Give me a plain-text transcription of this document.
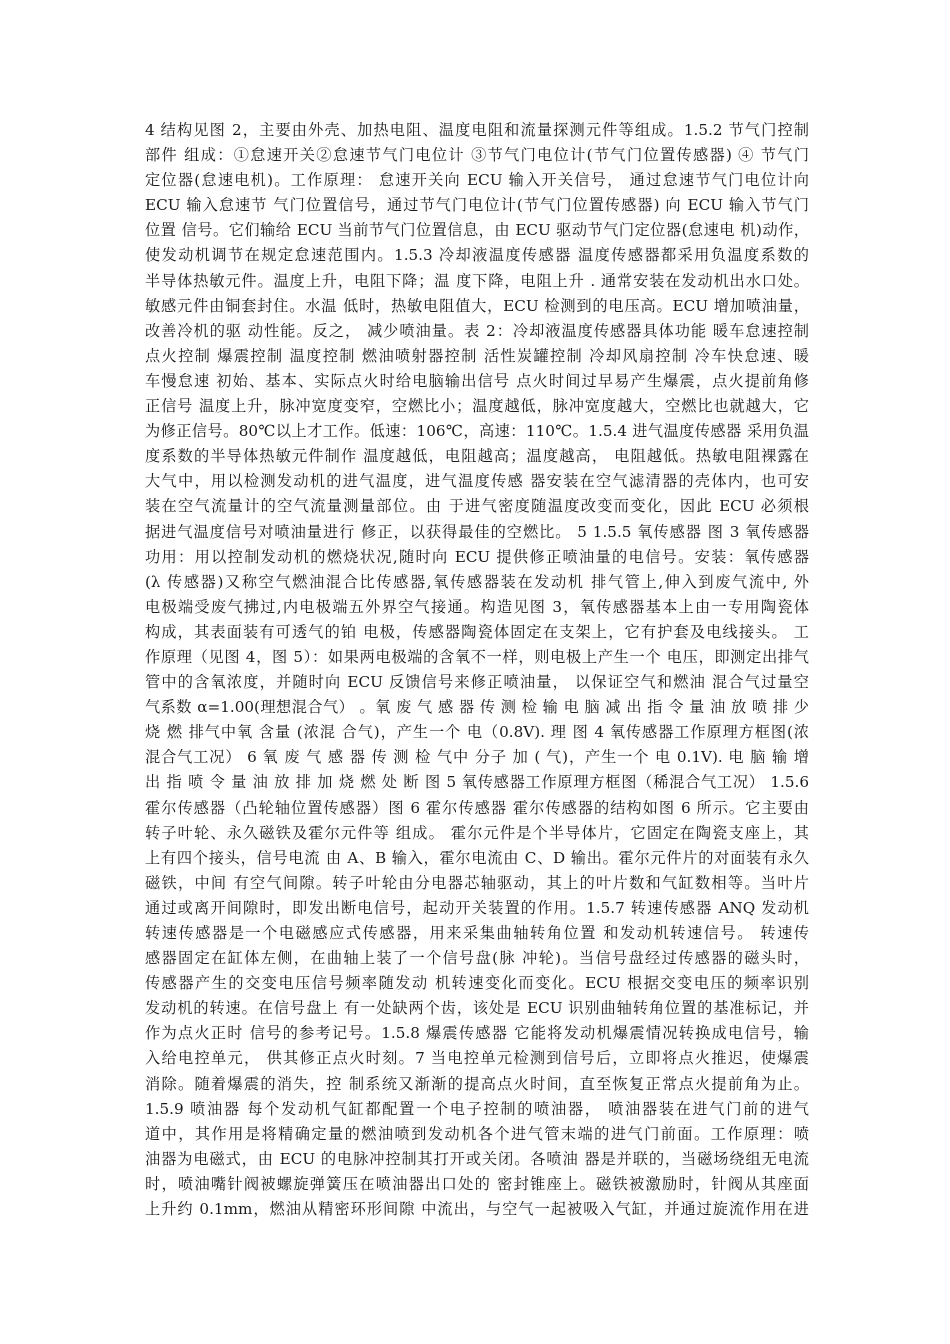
4 结构见图 2，主要由外壳、加热电阻、温度电阻和流量探测元件等组成。1.5.2 节气门控制
部件 组成：①怠速开关②怠速节气门电位计 ③节气门电位计(节气门位置传感器) ④ 节气门
定位器(怠速电机)。工作原理： 怠速开关向 ECU 输入开关信号， 通过怠速节气门电位计向
ECU 输入怠速节 气门位置信号，通过节气门电位计(节气门位置传感器) 向 ECU 输入节气门
位置 信号。它们输给 ECU 当前节气门位置信息，由 ECU 驱动节气门定位器(怠速电 机)动作，
使发动机调节在规定怠速范围内。1.5.3 冷却液温度传感器 温度传感器都采用负温度系数的
半导体热敏元件。温度上升，电阻下降；温 度下降，电阻上升 . 通常安装在发动机出水口处。
敏感元件由铜套封住。水温 低时，热敏电阻值大，ECU 检测到的电压高。ECU 增加喷油量，
改善冷机的驱 动性能。反之， 减少喷油量。表 2：冷却液温度传感器具体功能 暖车怠速控制
点火控制 爆震控制 温度控制 燃油喷射器控制 活性炭罐控制 冷却风扇控制 冷车快怠速、暖
车慢怠速 初始、基本、实际点火时给电脑输出信号 点火时间过早易产生爆震，点火提前角修
正信号 温度上升，脉冲宽度变窄，空燃比小；温度越低，脉冲宽度越大，空燃比也就越大，它
为修正信号。80℃以上才工作。低速：106℃，高速：110℃。1.5.4 进气温度传感器 采用负温
度系数的半导体热敏元件制作 温度越低，电阻越高；温度越高， 电阻越低。热敏电阻裸露在
大气中，用以检测发动机的进气温度，进气温度传感 器安装在空气滤清器的壳体内，也可安
装在空气流量计的空气流量测量部位。由 于进气密度随温度改变而变化，因此 ECU 必须根
据进气温度信号对喷油量进行 修正，以获得最佳的空燃比。 5 1.5.5 氧传感器 图 3 氧传感器
功用：用以控制发动机的燃烧状况,随时向 ECU 提供修正喷油量的电信号。安装：氧传感器
(λ 传感器)又称空气燃油混合比传感器,氧传感器装在发动机 排气管上,伸入到废气流中, 外
电极端受废气拂过,内电极端五外界空气接通。构造见图 3，氧传感器基本上由一专用陶瓷体
构成，其表面装有可透气的铂 电极，传感器陶瓷体固定在支架上，它有护套及电线接头。 工
作原理（见图 4，图 5）：如果两电极端的含氧不一样，则电极上产生一个 电压，即测定出排气
管中的含氧浓度，并随时向 ECU 反馈信号来修正喷油量， 以保证空气和燃油 混合气过量空
气系数 α=1.00(理想混合气） 。氧 废 气 感 器 传 测 检 输 电 脑 减 出 指 令 量 油 放 喷 排 少
烧 燃 排气中氧 含量 (浓混 合气)，产生一个 电（0.8V). 理 图 4 氧传感器工作原理方框图(浓
混合气工况） 6 氧 废 气 感 器 传 测 检 气中 分子 加 ( 气)，产生一个 电 0.1V). 电 脑 输 增
出 指 喷 令 量 油 放 排 加 烧 燃 处 断 图 5 氧传感器工作原理方框图（稀混合气工况） 1.5.6
霍尔传感器（凸轮轴位置传感器）图 6 霍尔传感器 霍尔传感器的结构如图 6 所示。它主要由
转子叶轮、永久磁铁及霍尔元件等 组成。 霍尔元件是个半导体片，它固定在陶瓷支座上，其
上有四个接头，信号电流 由 A、B 输入，霍尔电流由 C、D 输出。霍尔元件片的对面装有永久
磁铁，中间 有空气间隙。转子叶轮由分电器芯轴驱动，其上的叶片数和气缸数相等。当叶片
通过或离开间隙时，即发出断电信号，起动开关装置的作用。1.5.7 转速传感器 ANQ 发动机
转速传感器是一个电磁感应式传感器，用来采集曲轴转角位置 和发动机转速信号。 转速传
感器固定在缸体左侧，在曲轴上装了一个信号盘(脉 冲轮)。当信号盘经过传感器的磁头时，
传感器产生的交变电压信号频率随发动 机转速变化而变化。ECU 根据交变电压的频率识别
发动机的转速。在信号盘上 有一处缺两个齿，该处是 ECU 识别曲轴转角位置的基准标记，并
作为点火正时 信号的参考记号。1.5.8 爆震传感器 它能将发动机爆震情况转换成电信号，输
入给电控单元， 供其修正点火时刻。7 当电控单元检测到信号后，立即将点火推迟，使爆震
消除。随着爆震的消失，控 制系统又渐渐的提高点火时间，直至恢复正常点火提前角为止。
1.5.9 喷油器 每个发动机气缸都配置一个电子控制的喷油器， 喷油器装在进气门前的进气
道中，其作用是将精确定量的燃油喷到发动机各个进气管末端的进气门前面。工作原理：喷
油器为电磁式，由 ECU 的电脉冲控制其打开或关闭。各喷油 器是并联的，当磁场绕组无电流
时，喷油嘴针阀被螺旋弹簧压在喷油器出口处的 密封锥座上。磁铁被激励时，针阀从其座面
上升约 0.1mm，燃油从精密环形间隙 中流出，与空气一起被吸入气缸，并通过旋流作用在进
